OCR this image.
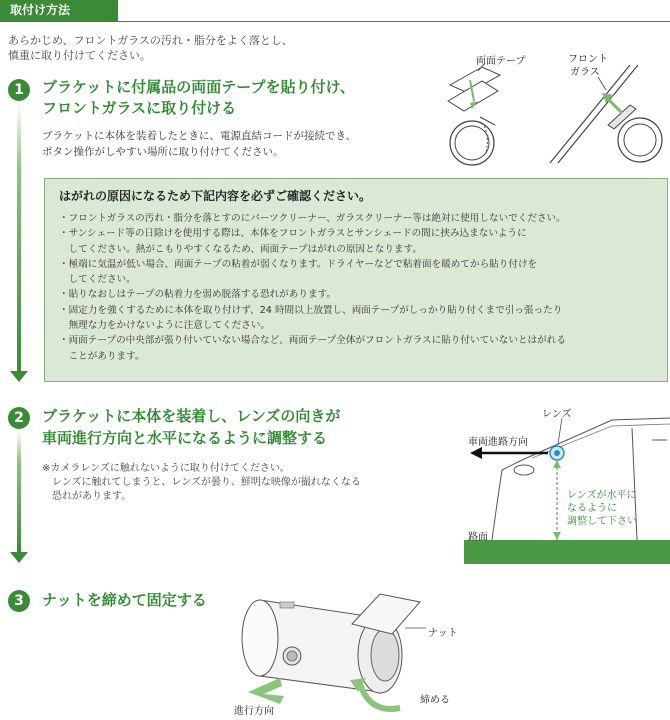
取付け方法
あらかじめ、フロントガラスの汚れ・脂分をよく落とし、
慎重に取り付けてください。
1	ブラケットに付属品の両面テープを貼り付け、
フロントガラスに取り付ける
ブラケットに本体を装着したときに、電源直結コードが接続でき、
ボタン操作がしやすい場所に取り付けてください。
両面テープ	フロント
ガラス
はがれの原因になるため下記内容を必ずご確認ください。
・フロントガラスの汚れ・脂分を落とすのにパーツクリーナー、ガラスクリーナー等は絶対に使用しないでください。
・サンシェード等の日除けを使用する際は、本体をフロントガラスとサンシェードの間に挟み込まないように
　してください。熱がこもりやすくなるため、両面テープはがれの原因となります。
・極端に気温が低い場合、両面テープの粘着が弱くなります。ドライヤーなどで粘着面を暖めてから貼り付けを
　してください。
・貼りなおしはテープの粘着力を弱め脱落する恐れがあります。
・固定力を強くするために本体を取り付けず、24 時間以上放置し、両面テープがしっかり貼り付くまで引っ張ったり
　無理な力をかけないように注意してください。
・両面テープの中央部が張り付いていない場合など、両面テープ全体がフロントガラスに貼り付いていないとはがれる
　ことがあります。
2	ブラケットに本体を装着し、レンズの向きが
車両進行方向と水平になるように調整する
※カメラレンズに触れないように取り付けてください。
　レンズに触れてしまうと、レンズが曇り、鮮明な映像が撮れなくなる
　恐れがあります。
レンズ
車両進路方向
レンズが水平に
なるように
調整して下さい
路面
3	ナットを締めて固定する
ナット
締める
進行方向
